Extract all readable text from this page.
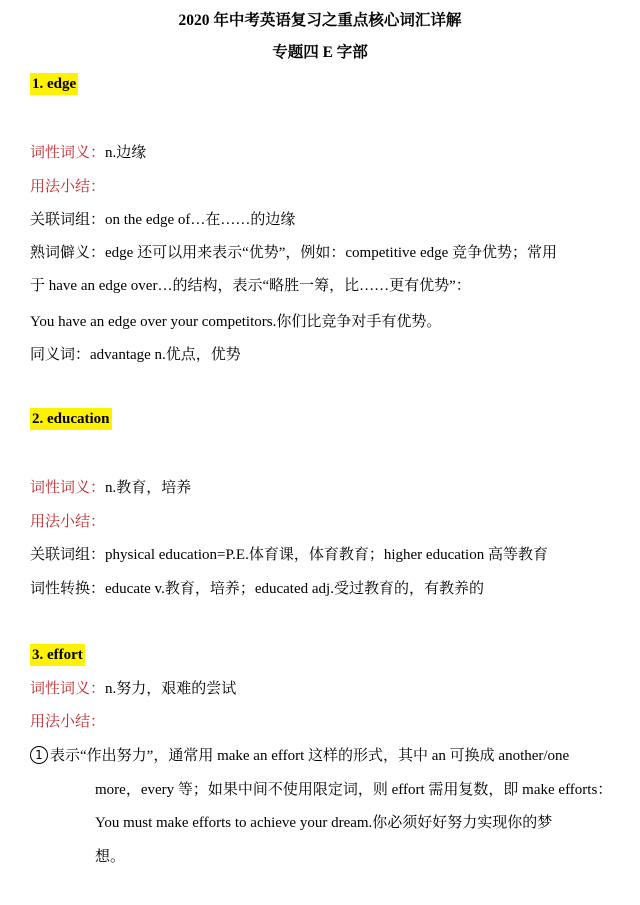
2020 年中考英语复习之重点核心词汇详解
专题四 E 字部
1. edge
词性词义：n.边缘
用法小结：
关联词组：on the edge of…在……的边缘
熟词僻义：edge 还可以用来表示“优势”，例如：competitive edge 竞争优势；常用
于 have an edge over…的结构，表示“略胜一筹，比……更有优势”：
You have an edge over your competitors.你们比竞争对手有优势。
同义词：advantage n.优点，优势
2. education
词性词义：n.教育，培养
用法小结：
关联词组：physical education=P.E.体育课，体育教育；higher education 高等教育
词性转换：educate v.教育，培养；educated adj.受过教育的，有教养的
3. effort
词性词义：n.努力，艰难的尝试
用法小结：
1 表示“作出努力”，通常用 make an effort 这样的形式，其中 an 可换成 another/one
more，every 等；如果中间不使用限定词，则 effort 需用复数，即 make efforts：
You must make efforts to achieve your dream.你必须好好努力实现你的梦
想。
